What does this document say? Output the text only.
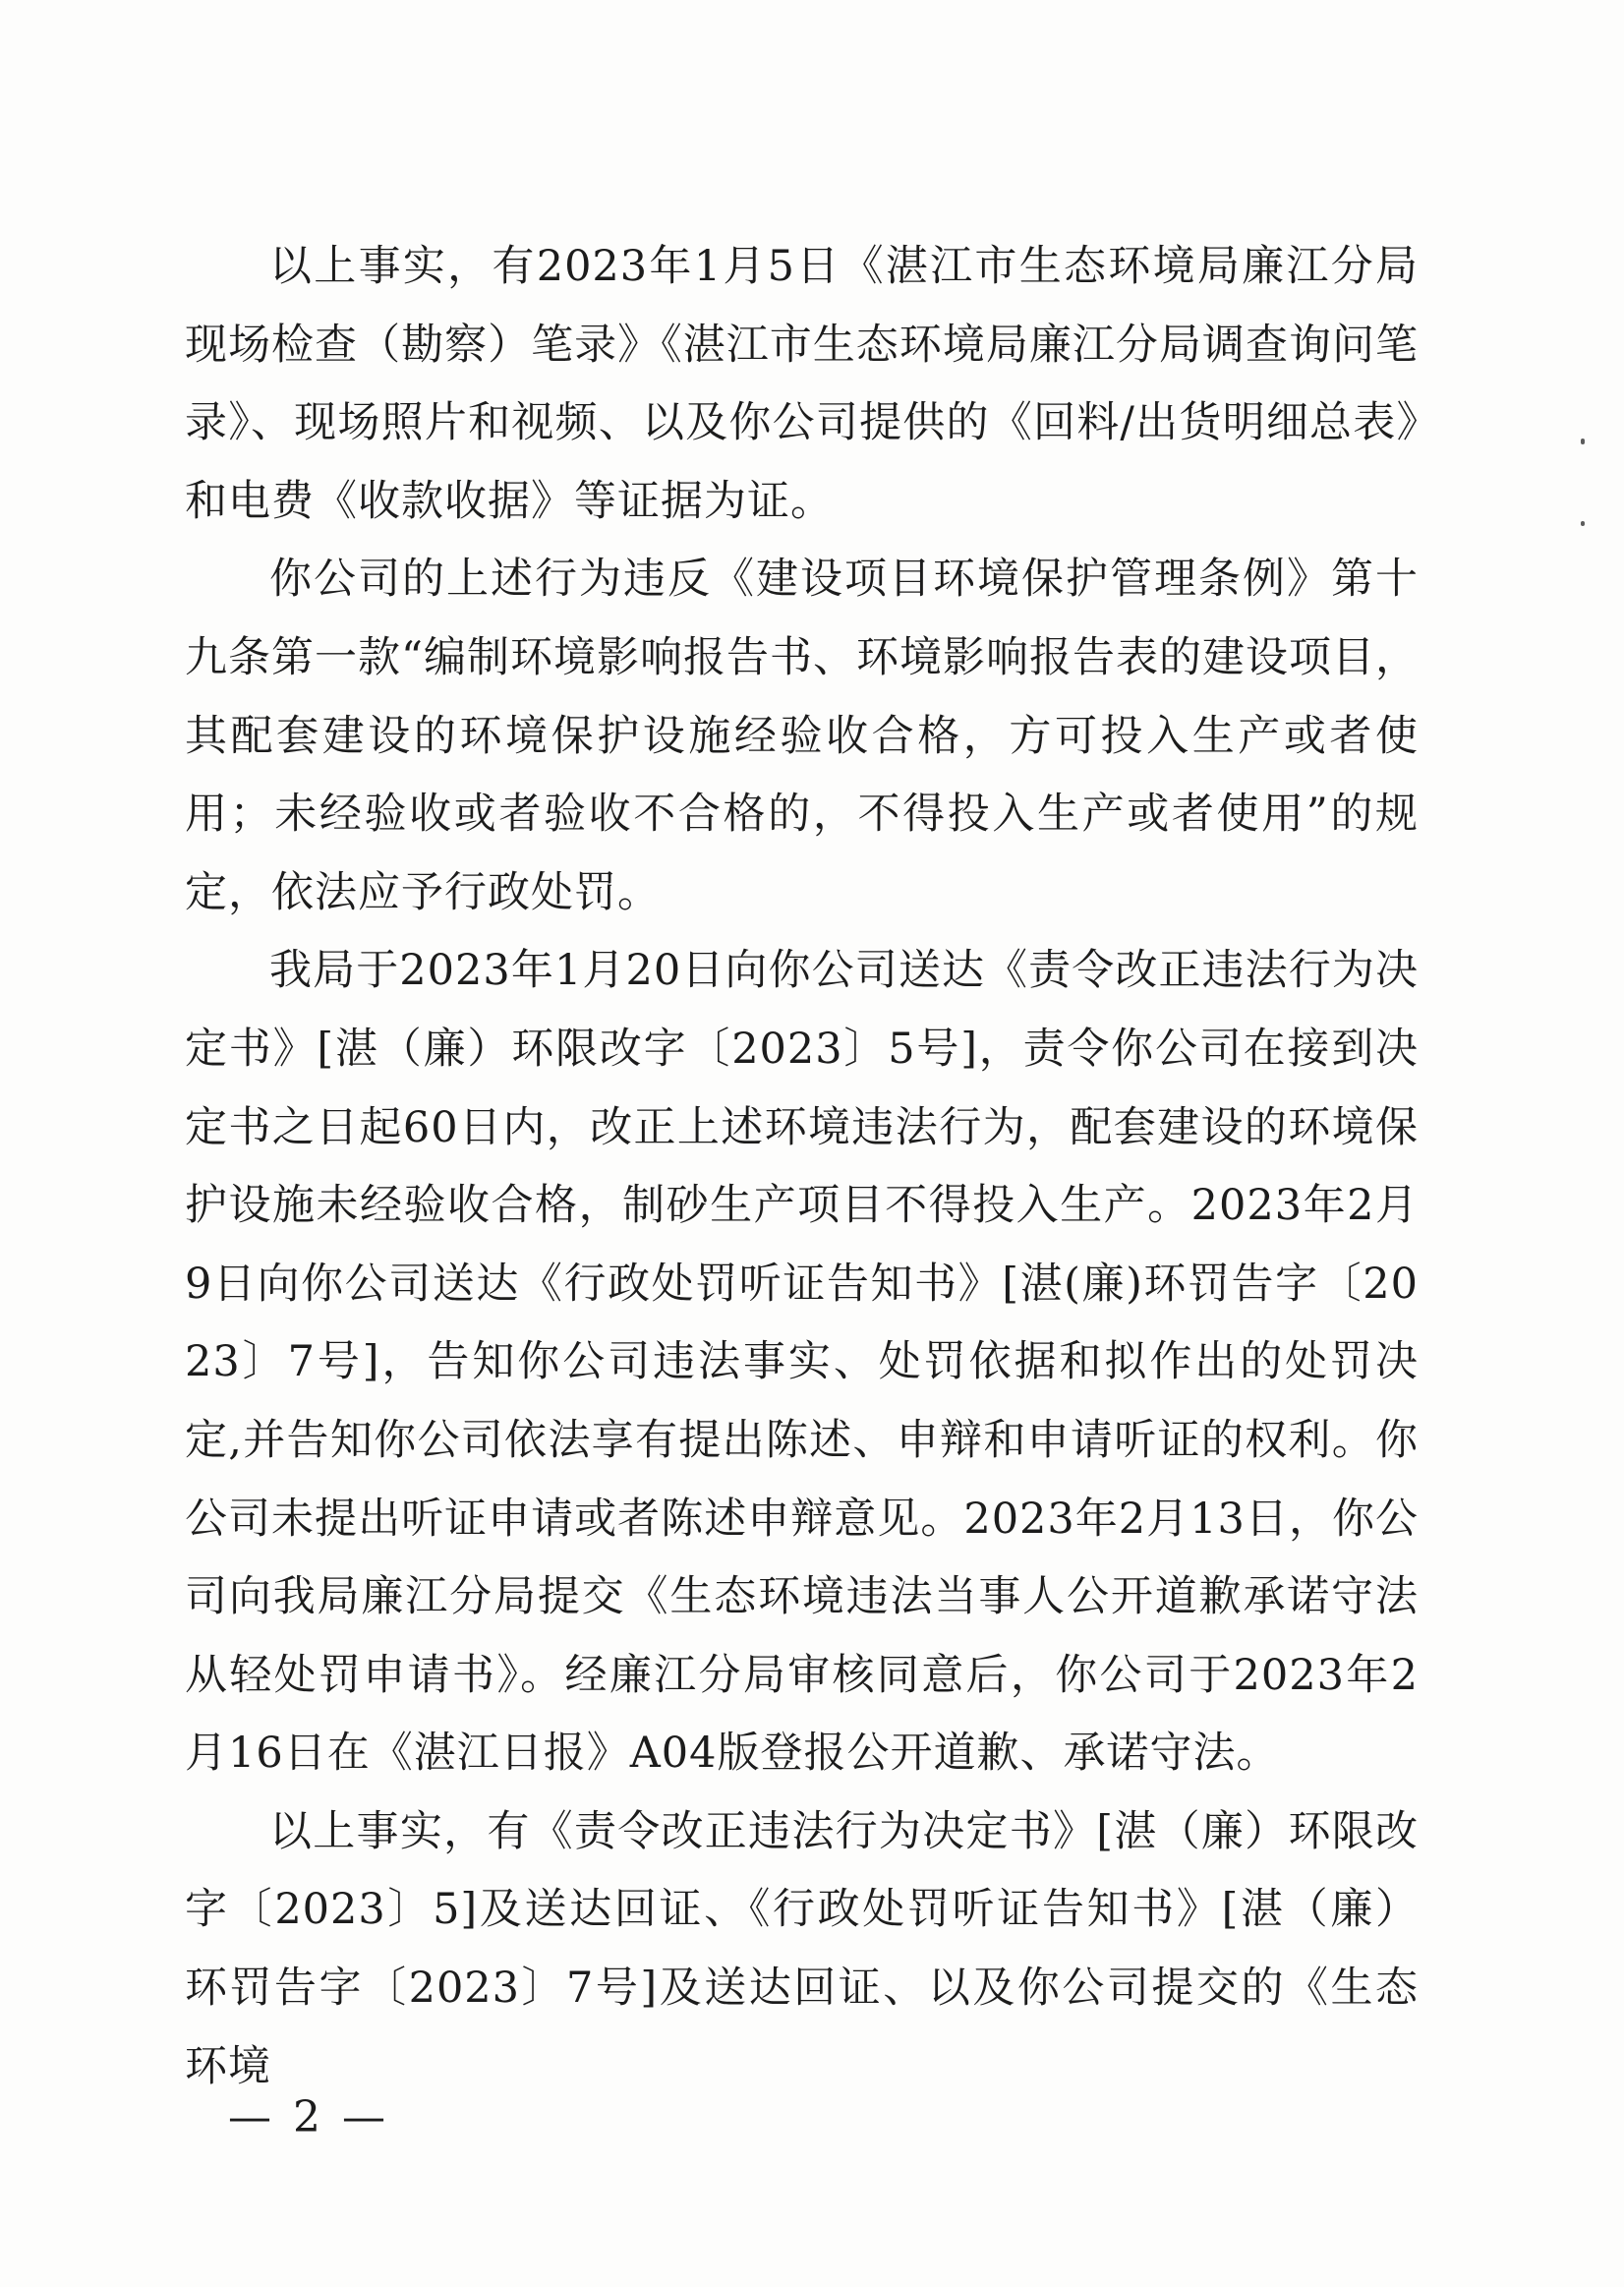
以上事实，有2023年1月5日《湛江市生态环境局廉江分局现场检查（勘察）笔录》《湛江市生态环境局廉江分局调查询问笔录》、现场照片和视频、以及你公司提供的《回料/出货明细总表》和电费《收款收据》等证据为证。

你公司的上述行为违反《建设项目环境保护管理条例》第十九条第一款“编制环境影响报告书、环境影响报告表的建设项目，其配套建设的环境保护设施经验收合格，方可投入生产或者使用；未经验收或者验收不合格的，不得投入生产或者使用”的规定，依法应予行政处罚。

我局于2023年1月20日向你公司送达《责令改正违法行为决定书》[湛（廉）环限改字〔2023〕5号]，责令你公司在接到决定书之日起60日内，改正上述环境违法行为，配套建设的环境保护设施未经验收合格，制砂生产项目不得投入生产。2023年2月9日向你公司送达《行政处罚听证告知书》[湛(廉)环罚告字〔2023〕7号]，告知你公司违法事实、处罚依据和拟作出的处罚决定,并告知你公司依法享有提出陈述、申辩和申请听证的权利。你公司未提出听证申请或者陈述申辩意见。2023年2月13日，你公司向我局廉江分局提交《生态环境违法当事人公开道歉承诺守法从轻处罚申请书》。经廉江分局审核同意后，你公司于2023年2月16日在《湛江日报》A04版登报公开道歉、承诺守法。

以上事实，有《责令改正违法行为决定书》[湛（廉）环限改字〔2023〕5]及送达回证、《行政处罚听证告知书》[湛（廉）环罚告字〔2023〕7号]及送达回证、以及你公司提交的《生态环境

— 2 —
